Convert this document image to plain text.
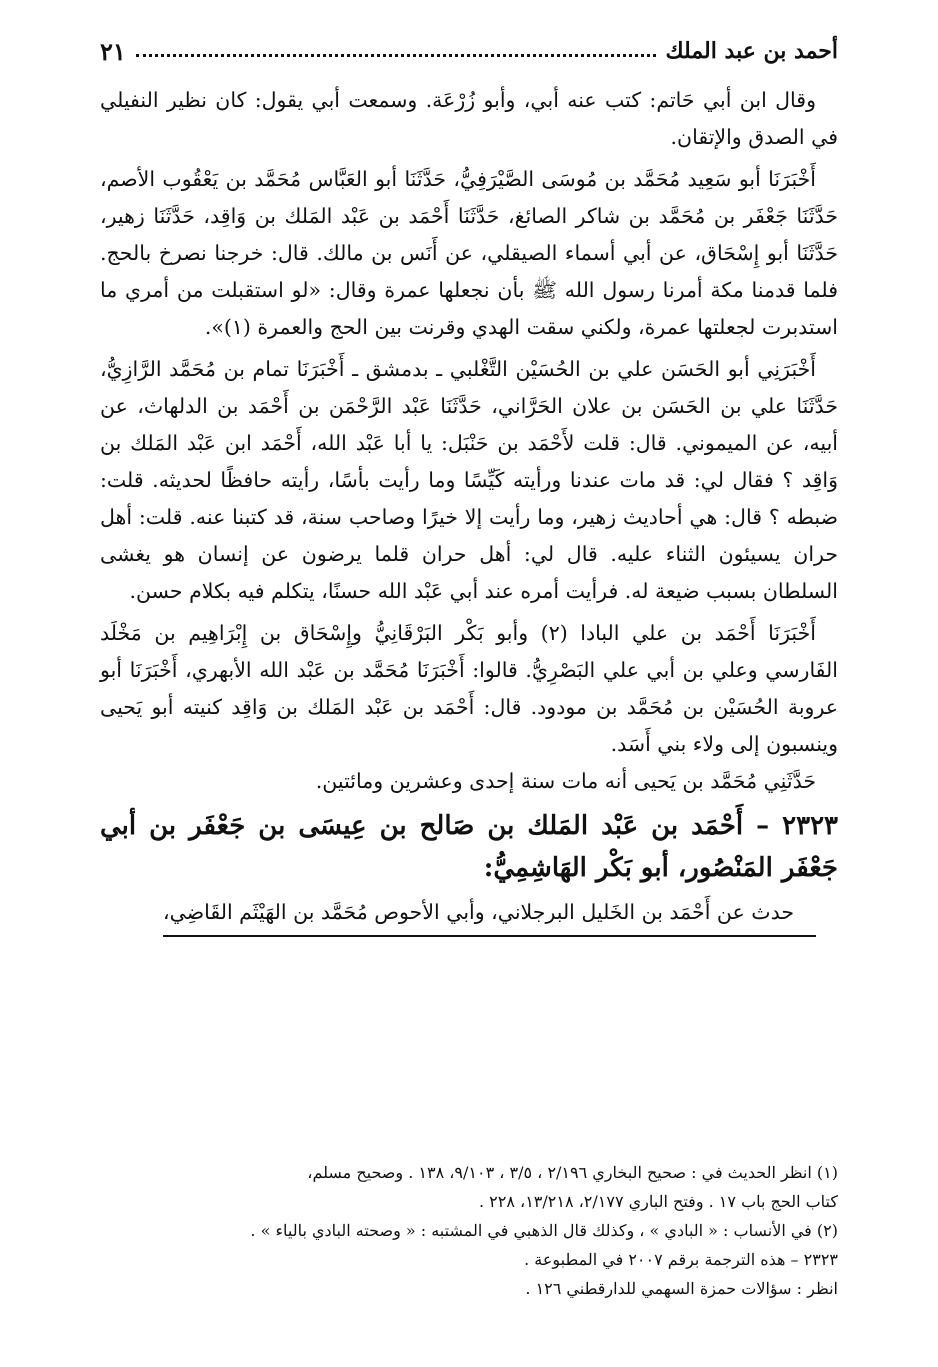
أحمد بن عبد الملك
٢١

وقال ابن أبي حَاتم: كتب عنه أبي، وأبو زُرْعَة. وسمعت أبي يقول: كان نظير النفيلي في الصدق والإتقان.

أَخْبَرَنَا أبو سَعِيد مُحَمَّد بن مُوسَى الصَّيْرَفِيُّ، حَدَّثَنَا أبو العَبَّاس مُحَمَّد بن يَعْقُوب الأصم، حَدَّثَنَا جَعْفَر بن مُحَمَّد بن شاكر الصائغ، حَدَّثَنَا أَحْمَد بن عَبْد المَلك بن وَاقِد، حَدَّثَنَا زهير، حَدَّثَنَا أبو إِسْحَاق، عن أبي أسماء الصيقلي، عن أَنَس بن مالك. قال: خرجنا نصرخ بالحج. فلما قدمنا مكة أمرنا رسول الله ﷺ بأن نجعلها عمرة وقال: «لو استقبلت من أمري ما استدبرت لجعلتها عمرة، ولكني سقت الهدي وقرنت بين الحج والعمرة (١)».

أَخْبَرَنِي أبو الحَسَن علي بن الحُسَيْن التَّغْلبي ـ بدمشق ـ أَخْبَرَنَا تمام بن مُحَمَّد الرَّازِيُّ، حَدَّثَنَا علي بن الحَسَن بن علان الحَرَّاني، حَدَّثَنَا عَبْد الرَّحْمَن بن أَحْمَد بن الدلهاث، عن أبيه، عن الميموني. قال: قلت لأَحْمَد بن حَنْبَل: يا أبا عَبْد الله، أَحْمَد ابن عَبْد المَلك بن وَاقِد ؟ فقال لي: قد مات عندنا ورأيته كَيِّسًا وما رأيت بأسًا، رأيته حافظًا لحديثه. قلت: ضبطه ؟ قال: هي أحاديث زهير، وما رأيت إلا خيرًا وصاحب سنة، قد كتبنا عنه. قلت: أهل حران يسيئون الثناء عليه. قال لي: أهل حران قلما يرضون عن إنسان هو يغشى السلطان بسبب ضيعة له. فرأيت أمره عند أبي عَبْد الله حسنًا، يتكلم فيه بكلام حسن.

أَخْبَرَنَا أَحْمَد بن علي البادا (٢) وأبو بَكْر البَرْقَانِيُّ وإِسْحَاق بن إِبْرَاهِيم بن مَخْلَد الفَارسي وعلي بن أبي علي البَصْرِيُّ. قالوا: أَخْبَرَنَا مُحَمَّد بن عَبْد الله الأبهري، أَخْبَرَنَا أبو عروبة الحُسَيْن بن مُحَمَّد بن مودود. قال: أَحْمَد بن عَبْد المَلك بن وَاقِد كنيته أبو يَحيى وينسبون إلى ولاء بني أَسَد.

حَدَّثَنِي مُحَمَّد بن يَحيى أنه مات سنة إحدى وعشرين ومائتين.

٢٣٢٣ – أَحْمَد بن عَبْد المَلك بن صَالح بن عِيسَى بن جَعْفَر بن أبي جَعْفَر المَنْصُور، أبو بَكْر الهَاشِمِيُّ:

حدث عن أَحْمَد بن الخَليل البرجلاني، وأبي الأحوص مُحَمَّد بن الهَيْثَم القَاضِي،

(١) انظر الحديث في : صحيح البخاري ٢/١٩٦ ، ٣/٥ ، ٩/١٠٣، ١٣٨ . وصحيح مسلم،

كتاب الحج باب ١٧ . وفتح الباري ٢/١٧٧، ١٣/٢١٨، ٢٢٨ .

(٢) في الأنساب : « البادي » ، وكذلك قال الذهبي في المشتبه : « وصحته البادي بالياء » .

٢٣٢٣ – هذه الترجمة برقم ٢٠٠٧ في المطبوعة .

انظر : سؤالات حمزة السهمي للدارقطني ١٢٦ .
